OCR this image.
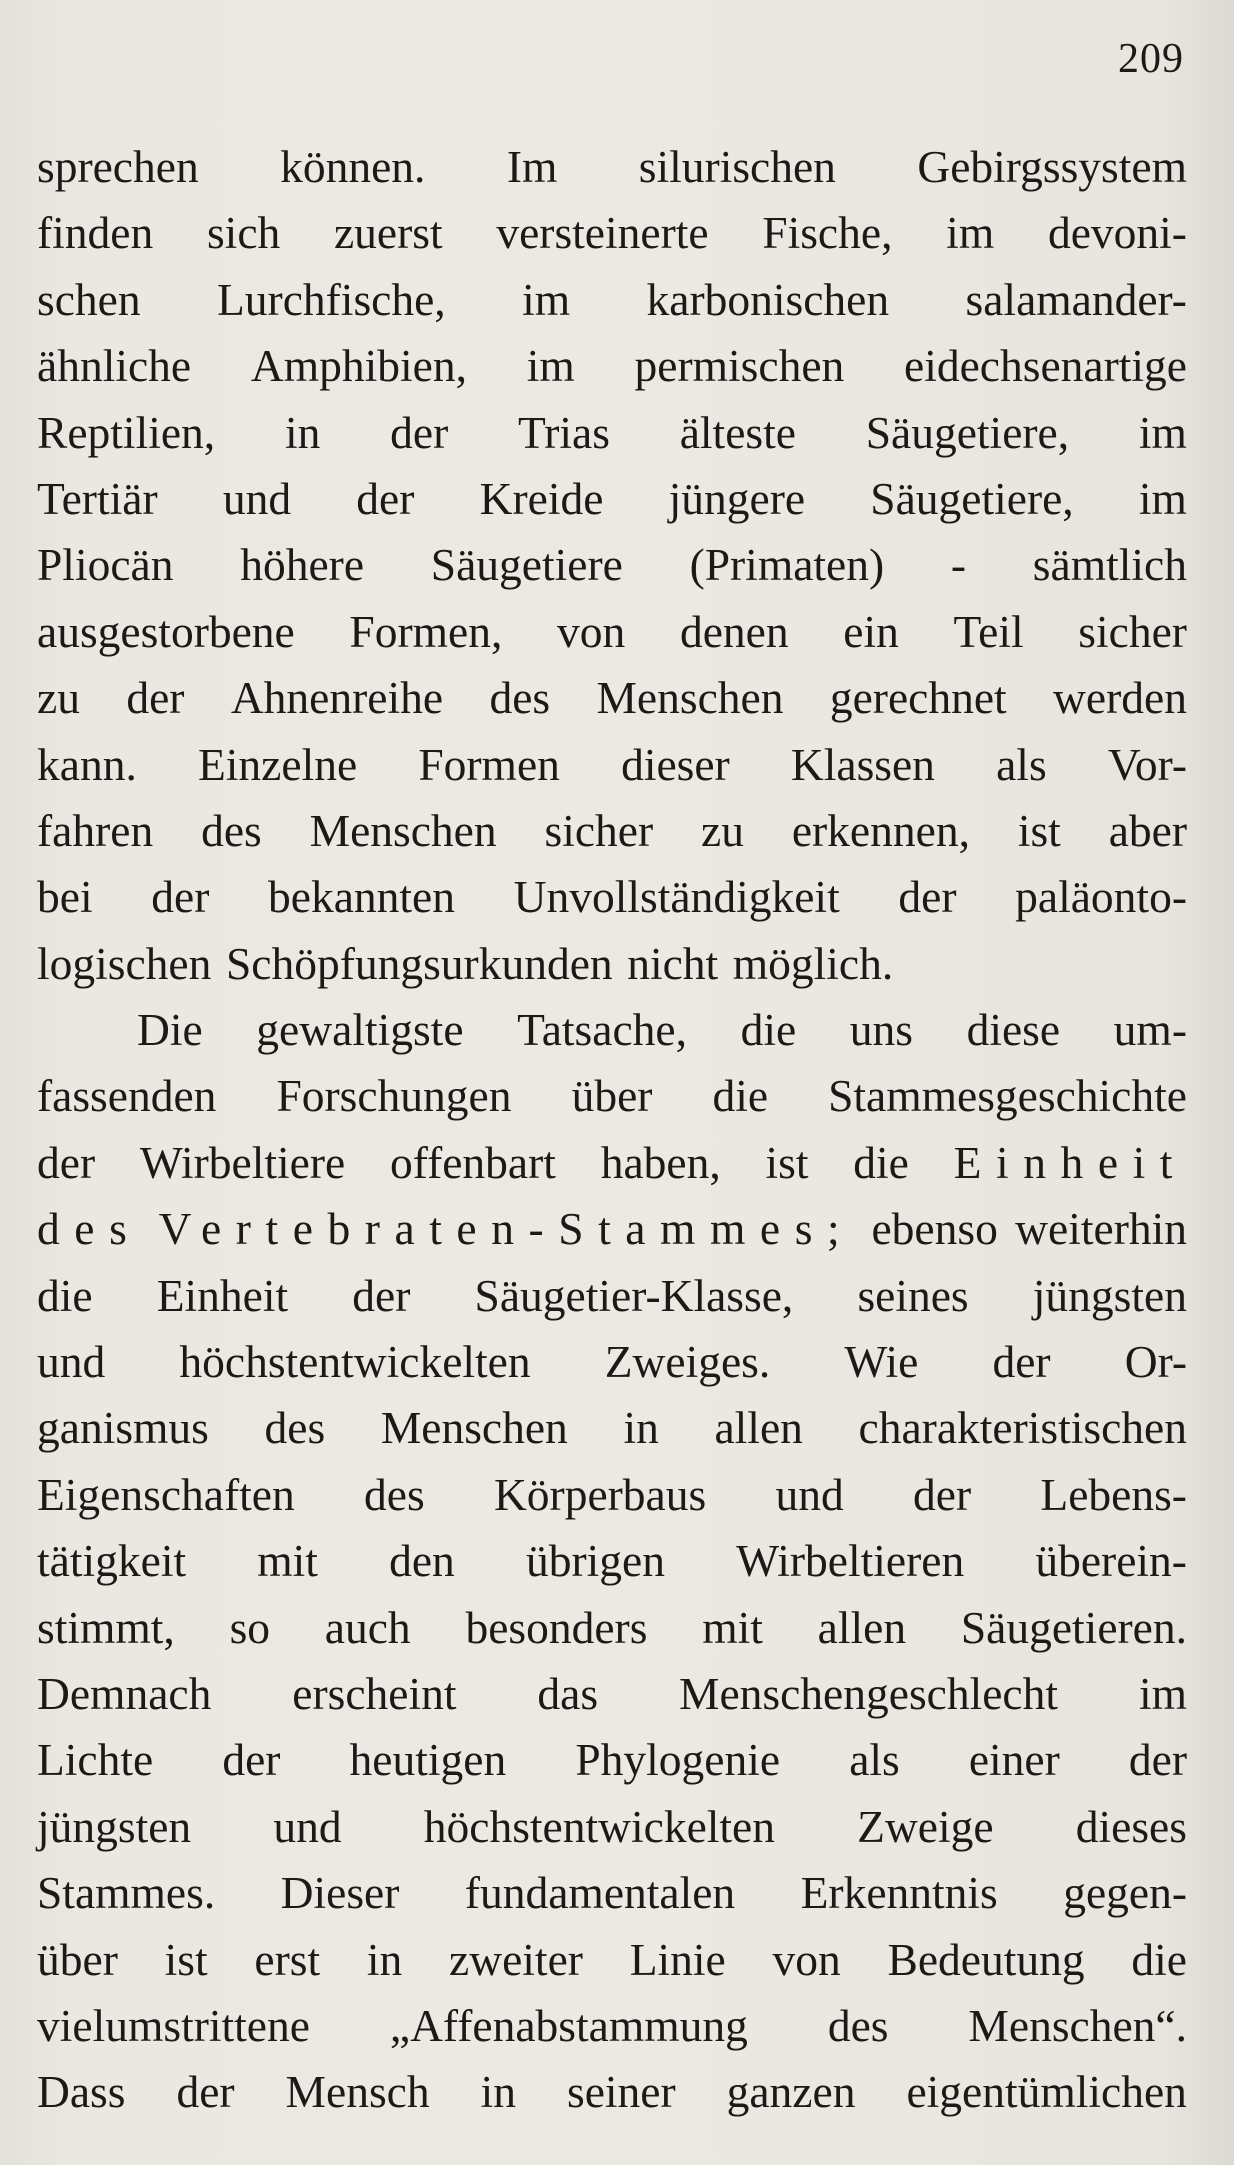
209
sprechen können. Im silurischen Gebirgssystem
finden sich zuerst versteinerte Fische, im devoni-
schen Lurchfische, im karbonischen salamander-
ähnliche Amphibien, im permischen eidechsenartige
Reptilien, in der Trias älteste Säugetiere, im
Tertiär und der Kreide jüngere Säugetiere, im
Pliocän höhere Säugetiere (Primaten) - sämtlich
ausgestorbene Formen, von denen ein Teil sicher
zu der Ahnenreihe des Menschen gerechnet werden
kann. Einzelne Formen dieser Klassen als Vor-
fahren des Menschen sicher zu erkennen, ist aber
bei der bekannten Unvollständigkeit der paläonto-
logischen Schöpfungsurkunden nicht möglich.
Die gewaltigste Tatsache, die uns diese um-
fassenden Forschungen über die Stammesgeschichte
der Wirbeltiere offenbart haben, ist die Einheit
des Vertebraten-Stammes; ebenso weiterhin
die Einheit der Säugetier-Klasse, seines jüngsten
und höchstentwickelten Zweiges. Wie der Or-
ganismus des Menschen in allen charakteristischen
Eigenschaften des Körperbaus und der Lebens-
tätigkeit mit den übrigen Wirbeltieren überein-
stimmt, so auch besonders mit allen Säugetieren.
Demnach erscheint das Menschengeschlecht im
Lichte der heutigen Phylogenie als einer der
jüngsten und höchstentwickelten Zweige dieses
Stammes. Dieser fundamentalen Erkenntnis gegen-
über ist erst in zweiter Linie von Bedeutung die
vielumstrittene „Affenabstammung des Menschen“.
Dass der Mensch in seiner ganzen eigentümlichen
